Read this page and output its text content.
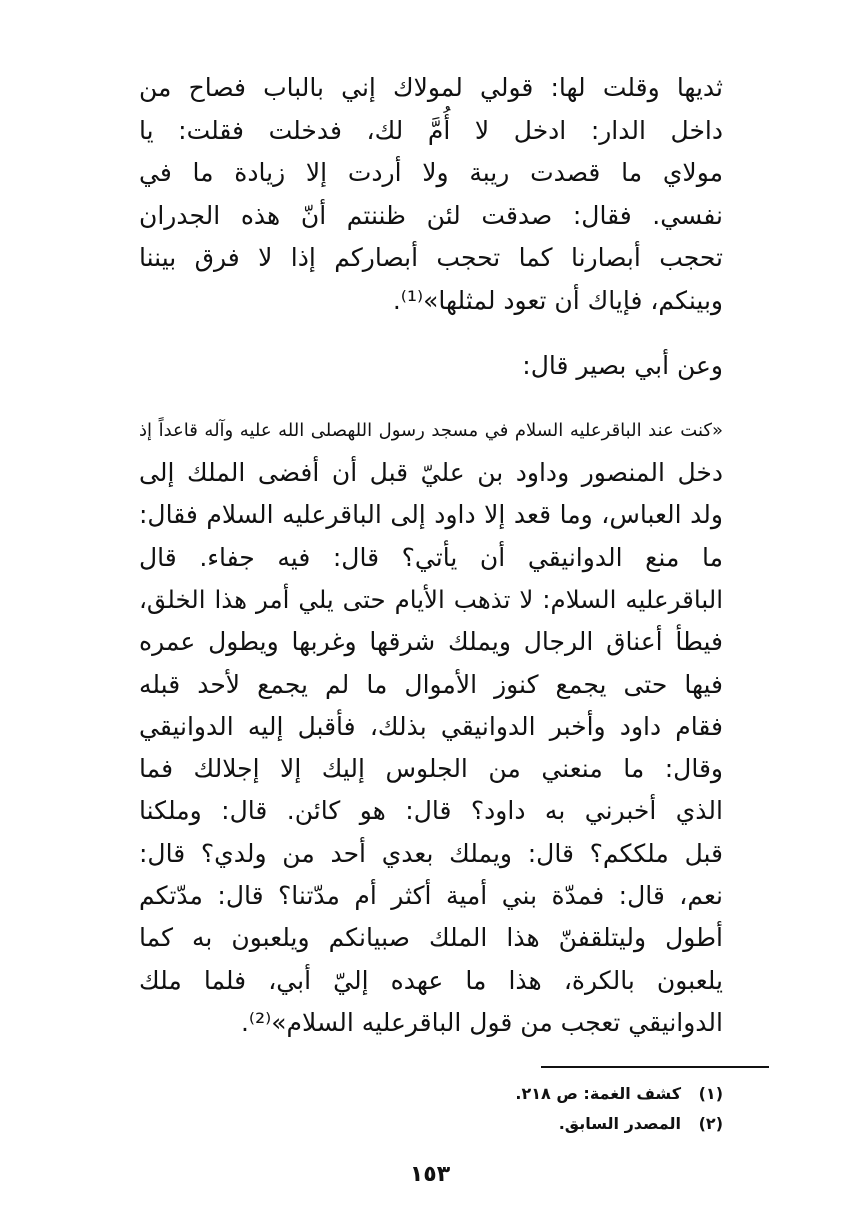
ثديها وقلت لها: قولي لمولاك إني بالباب فصاح من
داخل الدار: ادخل لا أُمَّ لك، فدخلت فقلت: يا
مولاي ما قصدت ريبة ولا أردت إلا زيادة ما في
نفسي. فقال: صدقت لئن ظننتم أنّ هذه الجدران
تحجب أبصارنا كما تحجب أبصاركم إذا لا فرق بيننا
وبينكم، فإياك أن تعود لمثلها»⁽¹⁾.
وعن أبي بصير قال:
«كنت عند الباقر‏عليه السلام في مسجد رسول الله‏صلى الله عليه وآله قاعداً إذ
دخل المنصور وداود بن عليّ قبل أن أفضى الملك إلى
ولد العباس، وما قعد إلا داود إلى الباقر‏عليه السلام فقال:
ما منع الدوانيقي أن يأتي؟ قال: فيه جفاء. قال
الباقر‏عليه السلام: لا تذهب الأيام حتى يلي أمر هذا الخلق،
فيطأ أعناق الرجال ويملك شرقها وغربها ويطول عمره
فيها حتى يجمع كنوز الأموال ما لم يجمع لأحد قبله
فقام داود وأخبر الدوانيقي بذلك، فأقبل إليه الدوانيقي
وقال: ما منعني من الجلوس إليك إلا إجلالك فما
الذي أخبرني به داود؟ قال: هو كائن. قال: وملكنا
قبل ملككم؟ قال: ويملك بعدي أحد من ولدي؟ قال:
نعم، قال: فمدّة بني أمية أكثر أم مدّتنا؟ قال: مدّتكم
أطول وليتلقفنّ هذا الملك صبيانكم ويلعبون به كما
يلعبون بالكرة، هذا ما عهده إليّ أبي، فلما ملك
الدوانيقي تعجب من قول الباقر‏عليه السلام»⁽²⁾.
(١)كشف الغمة: ص ٢١٨.
(٢)المصدر السابق.
١٥٣
